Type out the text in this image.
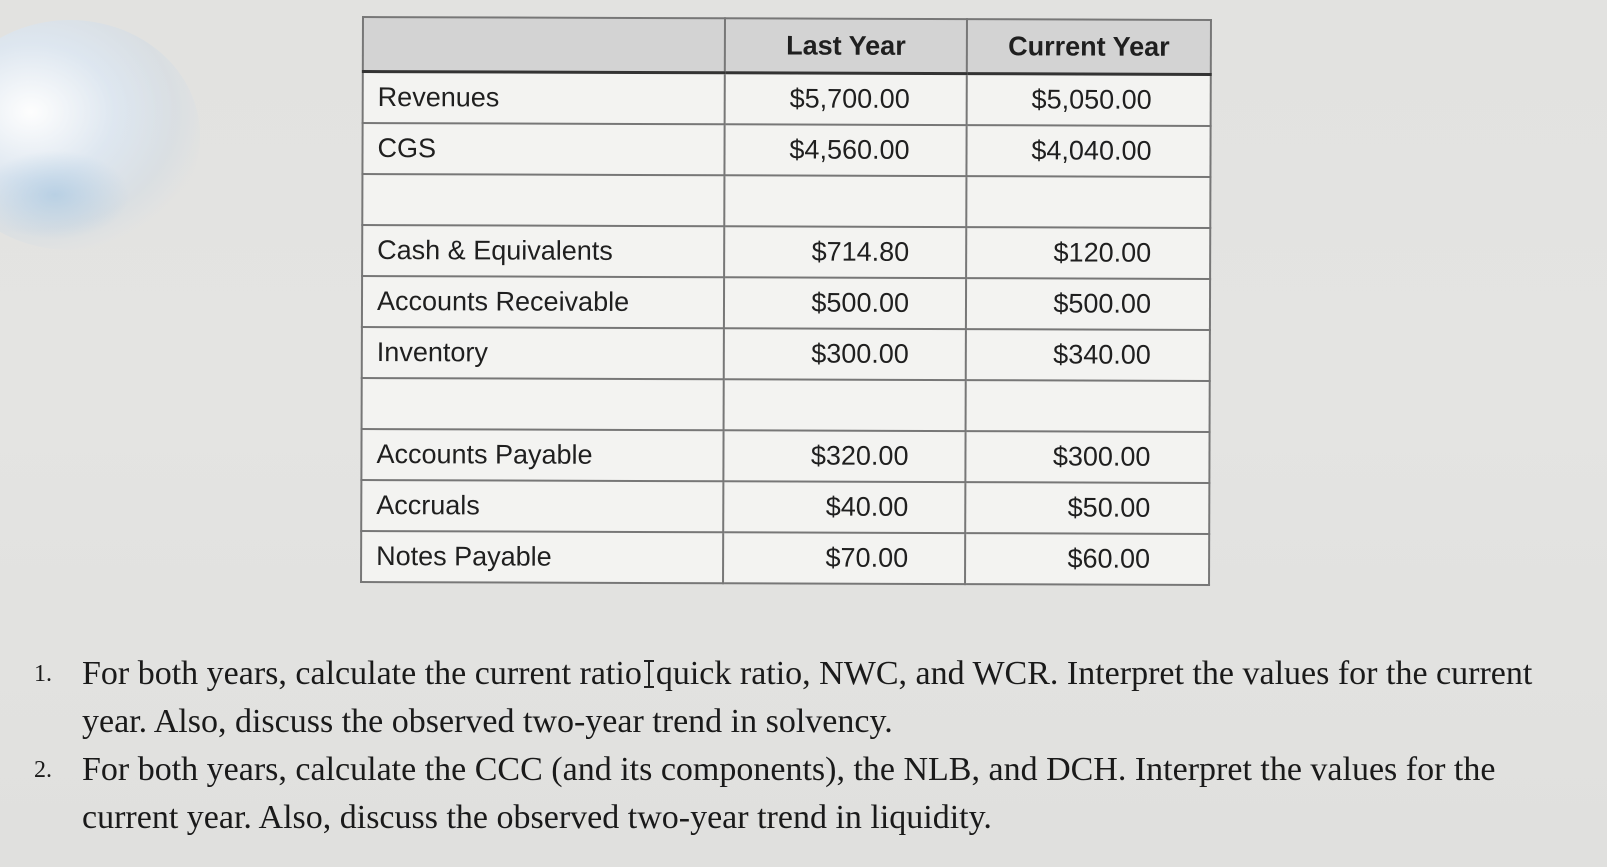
	Last Year	Current Year
Revenues	$5,700.00	$5,050.00
CGS	$4,560.00	$4,040.00

Cash & Equivalents	$714.80	$120.00
Accounts Receivable	$500.00	$500.00
Inventory	$300.00	$340.00

Accounts Payable	$320.00	$300.00
Accruals	$40.00	$50.00
Notes Payable	$70.00	$60.00
1. For both years, calculate the current ratio quick ratio, NWC, and WCR. Interpret the values for the current year. Also, discuss the observed two-year trend in solvency.
2. For both years, calculate the CCC (and its components), the NLB, and DCH. Interpret the values for the current year. Also, discuss the observed two-year trend in liquidity.
